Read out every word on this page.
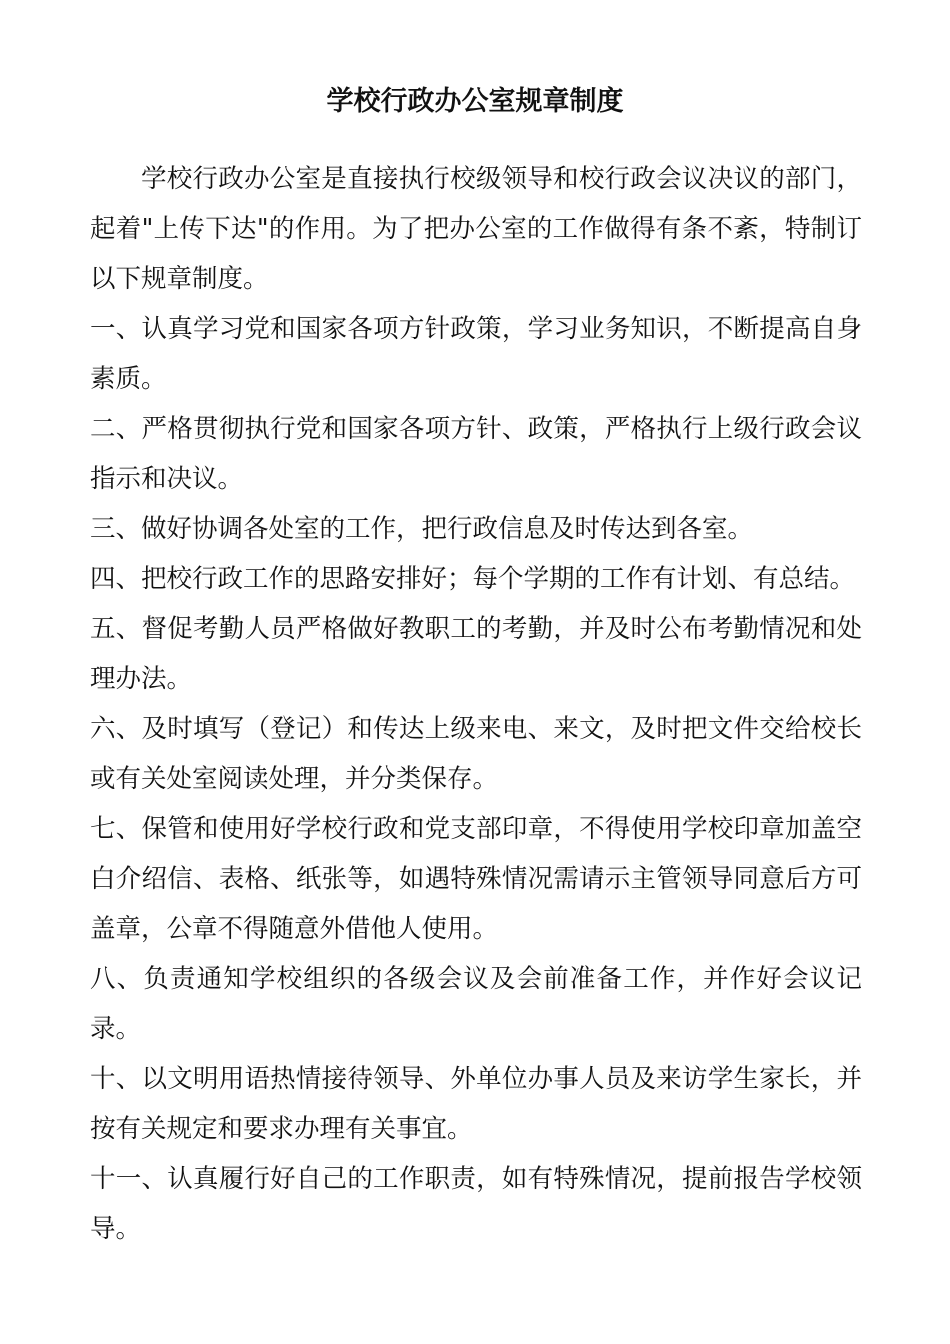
学校行政办公室规章制度

学校行政办公室是直接执行校级领导和校行政会议决议的部门，起着"上传下达"的作用。为了把办公室的工作做得有条不紊，特制订以下规章制度。

一、认真学习党和国家各项方针政策，学习业务知识，不断提高自身素质。

二、严格贯彻执行党和国家各项方针、政策，严格执行上级行政会议指示和决议。

三、做好协调各处室的工作，把行政信息及时传达到各室。

四、把校行政工作的思路安排好；每个学期的工作有计划、有总结。

五、督促考勤人员严格做好教职工的考勤，并及时公布考勤情况和处理办法。

六、及时填写（登记）和传达上级来电、来文，及时把文件交给校长或有关处室阅读处理，并分类保存。

七、保管和使用好学校行政和党支部印章，不得使用学校印章加盖空白介绍信、表格、纸张等，如遇特殊情况需请示主管领导同意后方可盖章，公章不得随意外借他人使用。

八、负责通知学校组织的各级会议及会前准备工作，并作好会议记录。

十、以文明用语热情接待领导、外单位办事人员及来访学生家长，并按有关规定和要求办理有关事宜。

十一、认真履行好自己的工作职责，如有特殊情况，提前报告学校领导。
